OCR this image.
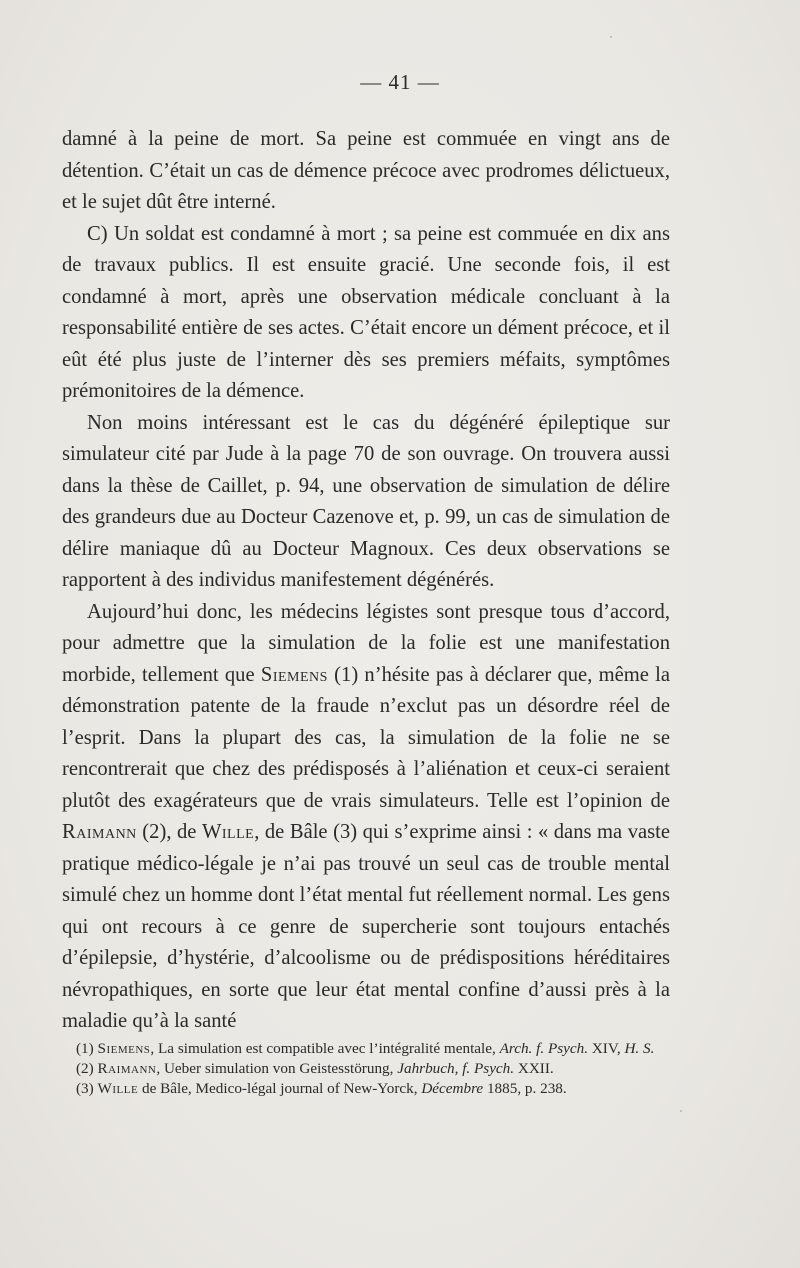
— 41 —

damné à la peine de mort. Sa peine est commuée en vingt ans de détention. C’était un cas de démence précoce avec prodromes délictueux, et le sujet dût être interné.

C) Un soldat est condamné à mort ; sa peine est commuée en dix ans de travaux publics. Il est ensuite gracié. Une seconde fois, il est condamné à mort, après une observation médicale concluant à la responsabilité entière de ses actes. C’était encore un dément précoce, et il eût été plus juste de l’interner dès ses premiers méfaits, symptômes prémonitoires de la démence.

Non moins intéressant est le cas du dégénéré épileptique sur simulateur cité par Jude à la page 70 de son ouvrage. On trouvera aussi dans la thèse de Caillet, p. 94, une observation de simulation de délire des grandeurs due au Docteur Cazenove et, p. 99, un cas de simulation de délire maniaque dû au Docteur Magnoux. Ces deux observations se rapportent à des individus manifestement dégénérés.

Aujourd’hui donc, les médecins légistes sont presque tous d’accord, pour admettre que la simulation de la folie est une manifestation morbide, tellement que Siemens (1) n’hésite pas à déclarer que, même la démonstration patente de la fraude n’exclut pas un désordre réel de l’esprit. Dans la plupart des cas, la simulation de la folie ne se rencontrerait que chez des prédisposés à l’aliénation et ceux-ci seraient plutôt des exagérateurs que de vrais simulateurs. Telle est l’opinion de Raimann (2), de Wille, de Bâle (3) qui s’exprime ainsi : « dans ma vaste pratique médico-légale je n’ai pas trouvé un seul cas de trouble mental simulé chez un homme dont l’état mental fut réellement normal. Les gens qui ont recours à ce genre de supercherie sont toujours entachés d’épilepsie, d’hystérie, d’alcoolisme ou de prédispositions héréditaires névropathiques, en sorte que leur état mental confine d’aussi près à la maladie qu’à la santé

(1) Siemens, La simulation est compatible avec l’intégralité mentale, Arch. f. Psych. XIV, H. S.

(2) Raimann, Ueber simulation von Geistesstörung, Jahrbuch, f. Psych. XXII.

(3) Wille de Bâle, Medico-légal journal of New-Yorck, Décembre 1885, p. 238.
